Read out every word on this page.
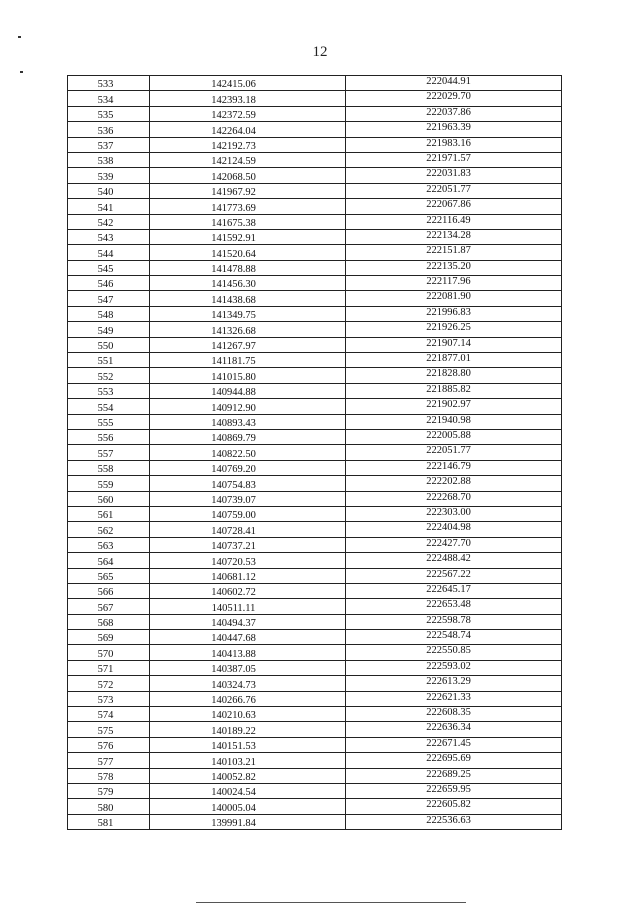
12
533	142415.06	222044.91
534	142393.18	222029.70
535	142372.59	222037.86
536	142264.04	221963.39
537	142192.73	221983.16
538	142124.59	221971.57
539	142068.50	222031.83
540	141967.92	222051.77
541	141773.69	222067.86
542	141675.38	222116.49
543	141592.91	222134.28
544	141520.64	222151.87
545	141478.88	222135.20
546	141456.30	222117.96
547	141438.68	222081.90
548	141349.75	221996.83
549	141326.68	221926.25
550	141267.97	221907.14
551	141181.75	221877.01
552	141015.80	221828.80
553	140944.88	221885.82
554	140912.90	221902.97
555	140893.43	221940.98
556	140869.79	222005.88
557	140822.50	222051.77
558	140769.20	222146.79
559	140754.83	222202.88
560	140739.07	222268.70
561	140759.00	222303.00
562	140728.41	222404.98
563	140737.21	222427.70
564	140720.53	222488.42
565	140681.12	222567.22
566	140602.72	222645.17
567	140511.11	222653.48
568	140494.37	222598.78
569	140447.68	222548.74
570	140413.88	222550.85
571	140387.05	222593.02
572	140324.73	222613.29
573	140266.76	222621.33
574	140210.63	222608.35
575	140189.22	222636.34
576	140151.53	222671.45
577	140103.21	222695.69
578	140052.82	222689.25
579	140024.54	222659.95
580	140005.04	222605.82
581	139991.84	222536.63
